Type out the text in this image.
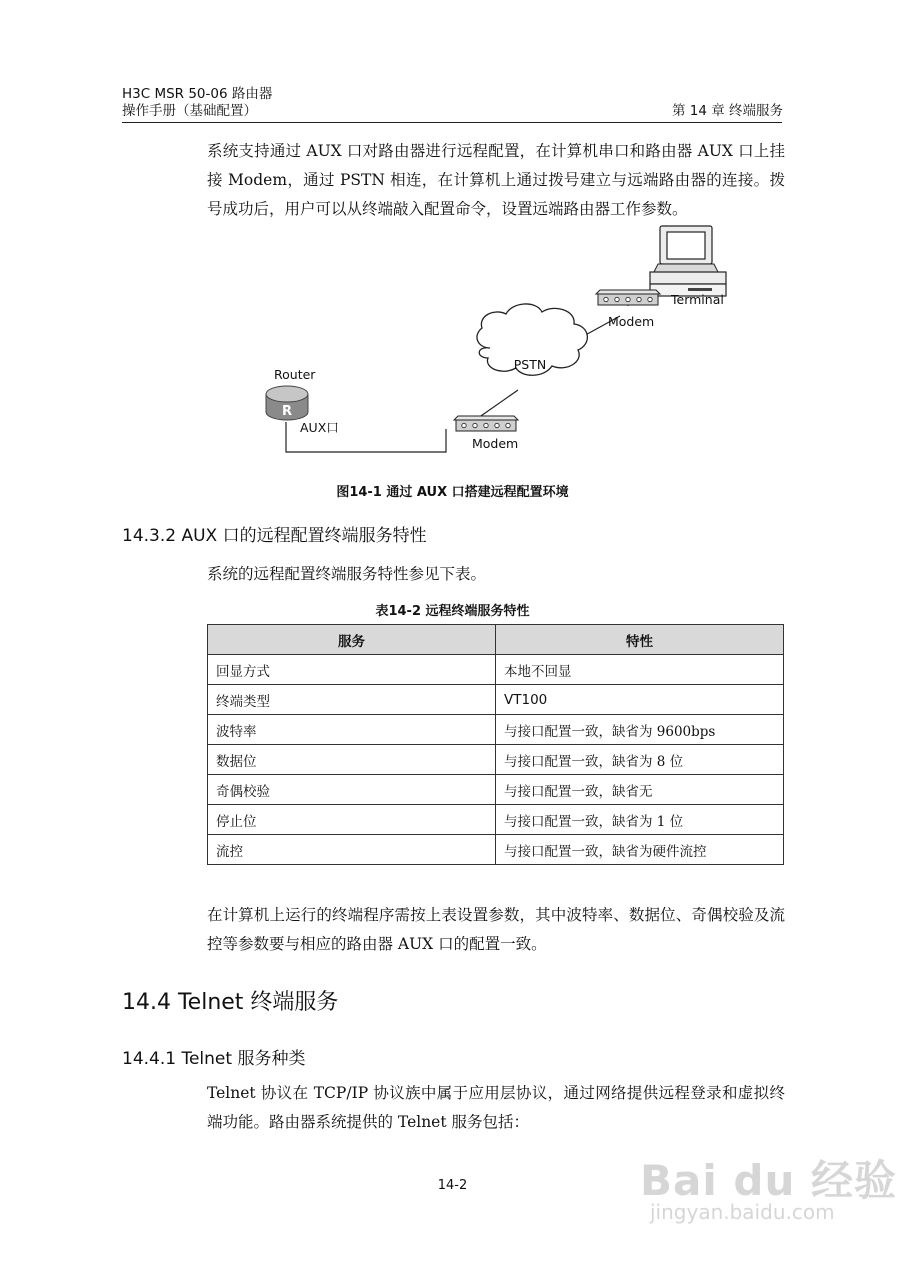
H3C MSR 50-06 路由器
操作手册（基础配置）	第 14 章 终端服务
系统支持通过 AUX 口对路由器进行远程配置，在计算机串口和路由器 AUX 口上挂接 Modem，通过 PSTN 相连，在计算机上通过拨号建立与远端路由器的连接。拨号成功后，用户可以从终端敲入配置命令，设置远端路由器工作参数。
Terminal
Modem
PSTN
Router
R
AUX口
Modem
图14-1 通过 AUX 口搭建远程配置环境
14.3.2 AUX 口的远程配置终端服务特性
系统的远程配置终端服务特性参见下表。
表14-2 远程终端服务特性
服务	特性
回显方式	本地不回显
终端类型	VT100
波特率	与接口配置一致，缺省为 9600bps
数据位	与接口配置一致，缺省为 8 位
奇偶校验	与接口配置一致，缺省无
停止位	与接口配置一致，缺省为 1 位
流控	与接口配置一致，缺省为硬件流控
在计算机上运行的终端程序需按上表设置参数，其中波特率、数据位、奇偶校验及流控等参数要与相应的路由器 AUX 口的配置一致。
14.4 Telnet 终端服务
14.4.1 Telnet 服务种类
Telnet 协议在 TCP/IP 协议族中属于应用层协议，通过网络提供远程登录和虚拟终端功能。路由器系统提供的 Telnet 服务包括：
14-2	Bai du 经验
jingyan.baidu.com
